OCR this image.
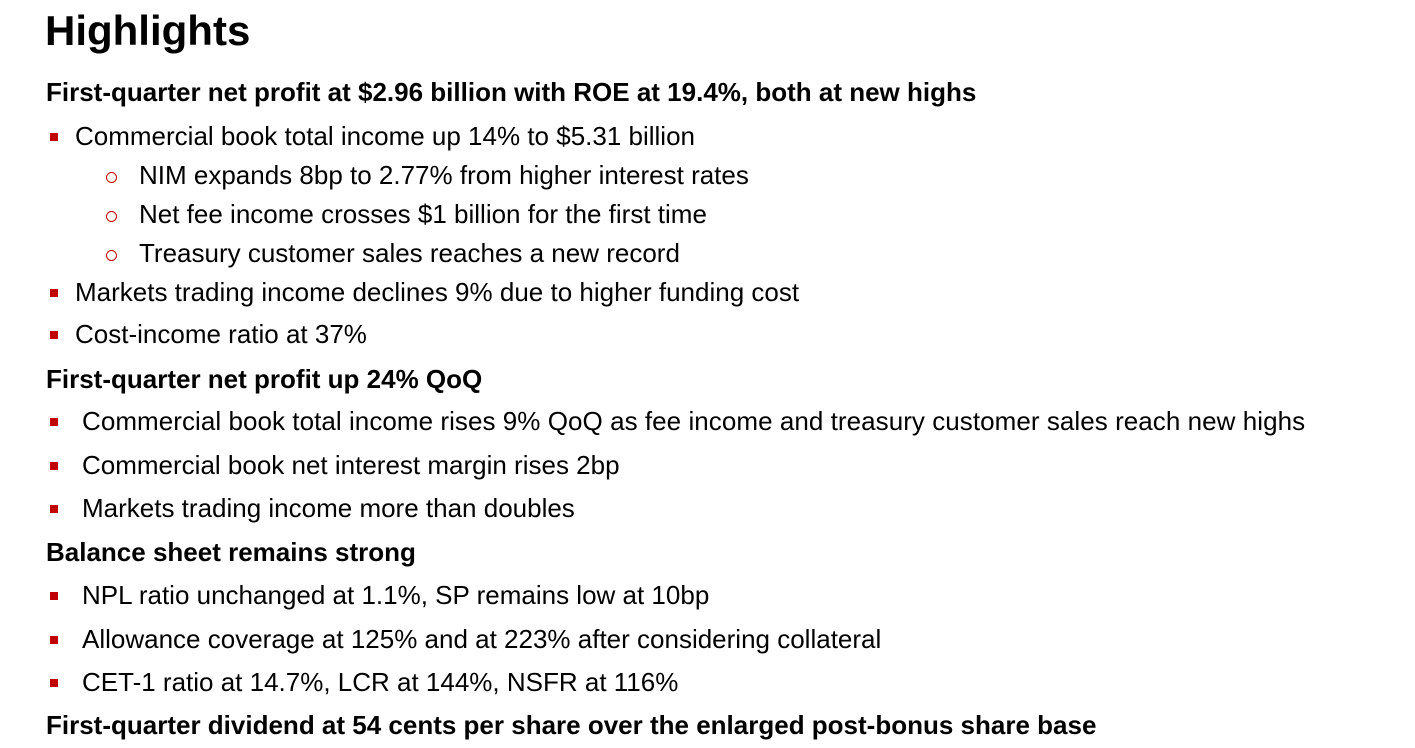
Highlights
First-quarter net profit at $2.96 billion with ROE at 19.4%, both at new highs
Commercial book total income up 14% to $5.31 billion
NIM expands 8bp to 2.77% from higher interest rates
Net fee income crosses $1 billion for the first time
Treasury customer sales reaches a new record
Markets trading income declines 9% due to higher funding cost
Cost-income ratio at 37%
First-quarter net profit up 24% QoQ
Commercial book total income rises 9% QoQ as fee income and treasury customer sales reach new highs
Commercial book net interest margin rises 2bp
Markets trading income more than doubles
Balance sheet remains strong
NPL ratio unchanged at 1.1%, SP remains low at 10bp
Allowance coverage at 125% and at 223% after considering collateral
CET-1 ratio at 14.7%, LCR at 144%, NSFR at 116%
First-quarter dividend at 54 cents per share over the enlarged post-bonus share base
